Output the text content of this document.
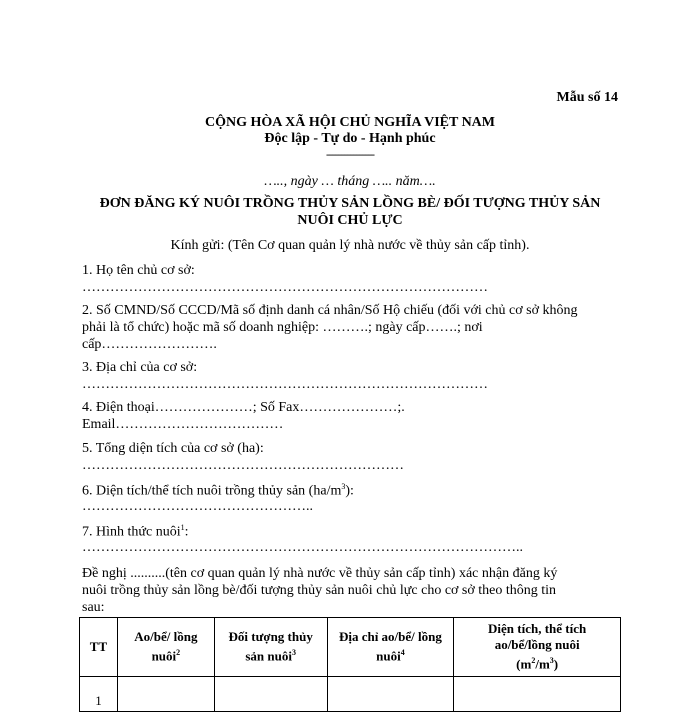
Mẫu số 14
CỘNG HÒA XÃ HỘI CHỦ NGHĨA VIỆT NAM
Độc lập - Tự do - Hạnh phúc
----------------
….., ngày … tháng ….. năm….
ĐƠN ĐĂNG KÝ NUÔI TRỒNG THỦY SẢN LỒNG BÈ/ ĐỐI TƯỢNG THỦY SẢN
NUÔI CHỦ LỰC
Kính gửi: (Tên Cơ quan quản lý nhà nước về thủy sản cấp tỉnh).
1. Họ tên chủ cơ sở:
……………………………………………………………………………
2. Số CMND/Số CCCD/Mã số định danh cá nhân/Số Hộ chiếu (đối với chủ cơ sở không
phải là tổ chức) hoặc mã số doanh nghiệp: ……….; ngày cấp…….; nơi
cấp…………………….
3. Địa chỉ của cơ sở:
……………………………………………………………………………
4. Điện thoại…………………; Số Fax…………………;.
Email………………………………
5. Tổng diện tích của cơ sở (ha):
……………………………………………………………
6. Diện tích/thể tích nuôi trồng thủy sản $(ha/m^3)$:
…………………………………………..
7. Hình thức nuôi$^1$:
…………………………………………………………………………………..
Đề nghị ..........(tên cơ quan quản lý nhà nước về thủy sản cấp tỉnh) xác nhận đăng ký
nuôi trồng thủy sản lồng bè/đối tượng thủy sản nuôi chủ lực cho cơ sở theo thông tin
sau:
TT	Ao/bể/ lồng nuôi$^2$	Đối tượng thủy
sản nuôi$^3$	Địa chỉ ao/bể/ lồng
nuôi$^4$	Diện tích, thể tích
ao/bể/lồng nuôi
$(m^2/m^3)$
1				
